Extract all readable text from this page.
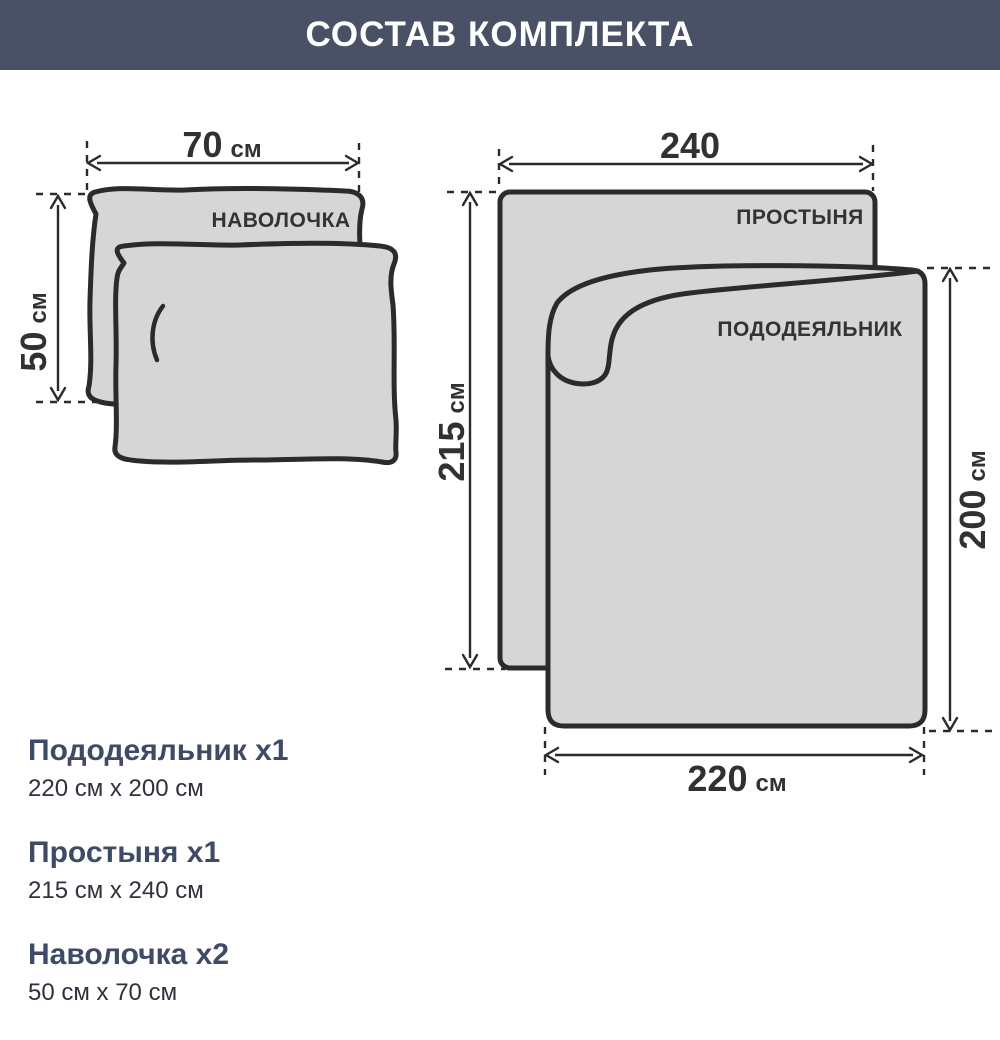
СОСТАВ КОМПЛЕКТА
70 см
50см
240
215см
200см
220 см
НАВОЛОЧКА	ПРОСТЫНЯ
ПОДОДЕЯЛЬНИК
Пододеяльник x1
220 см x 200 см
Простыня x1
215 см x 240 см
Наволочка x2
50 см x 70 см
